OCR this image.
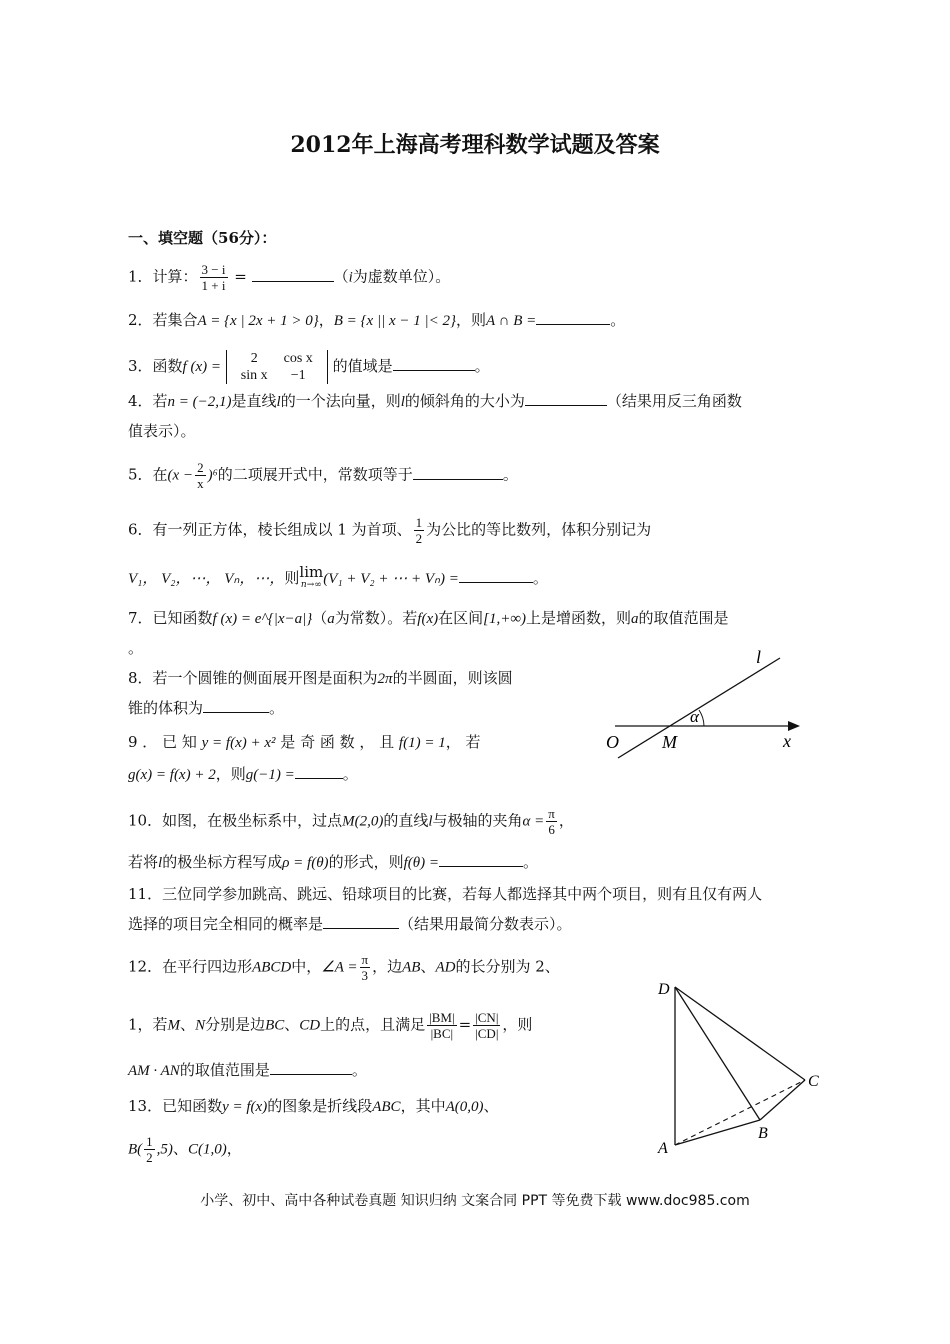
2012年上海高考理科数学试题及答案
一、填空题（56分）：
1．计算： $\frac{3 - i}{1 + i}$ =	（i为虚数单位）。
2．若集合A = {x | 2x + 1 > 0}，B = {x || x − 1 |< 2}，则A ∩ B =	。
3．函数f (x) =
2	cos x
sin x	−1
的值域是	。
4．若n = (−2,1)是直线l的一个法向量，则l的倾斜角的大小为	（结果用反三角函数
值表示）。
5．在$(x - \frac{2}{x} )^6$的二项展开式中，常数项等于	。
6．有一列正方体，棱长组成以 1 为首项、 $\frac{1}{2}$ 为公比的等比数列，体积分别记为
V₁， V₂，⋯， Vₙ，⋯，则 lim
n→∞ (V₁ + V₂ + ⋯ + Vₙ) =	。
7．已知函数f (x) = e^{|x−a|}（a为常数）。若f(x)在区间[1,+∞)上是增函数，则a的取值范围是
。
8．若一个圆锥的侧面展开图是面积为2π的半圆面，则该圆
锥的体积为	。
9 ． 已 知 y = f(x) + x² 是 奇 函 数 ， 且 f(1) = 1， 若
g(x) = f(x) + 2，则g(−1) =	。
10．如图，在极坐标系中，过点M(2,0)的直线l与极轴的夹角$\alpha = \frac{\pi}{6}$ ，
若将l的极坐标方程写成ρ = f(θ)的形式，则f(θ) =	。
11．三位同学参加跳高、跳远、铅球项目的比赛，若每人都选择其中两个项目，则有且仅有两人
选择的项目完全相同的概率是	（结果用最简分数表示）。
12．在平行四边形ABCD中，∠A = $\frac{\pi}{3}$ ，边AB、AD的长分别为 2、
1，若M、N分别是边BC、CD上的点，且满足 $\frac{|BM|}{|BC|} = \frac{|CN|}{|CD|}$ ，则
AM · AN的取值范围是	。
13．已知函数y = f(x)的图象是折线段ABC，其中A(0,0)、
$B( \frac{1}{2} ,5)$、C(1,0)，
l
α
O M	x
D
C
B
A
小学、初中、高中各种试卷真题 知识归纳 文案合同 PPT 等免费下载 www.doc985.com
